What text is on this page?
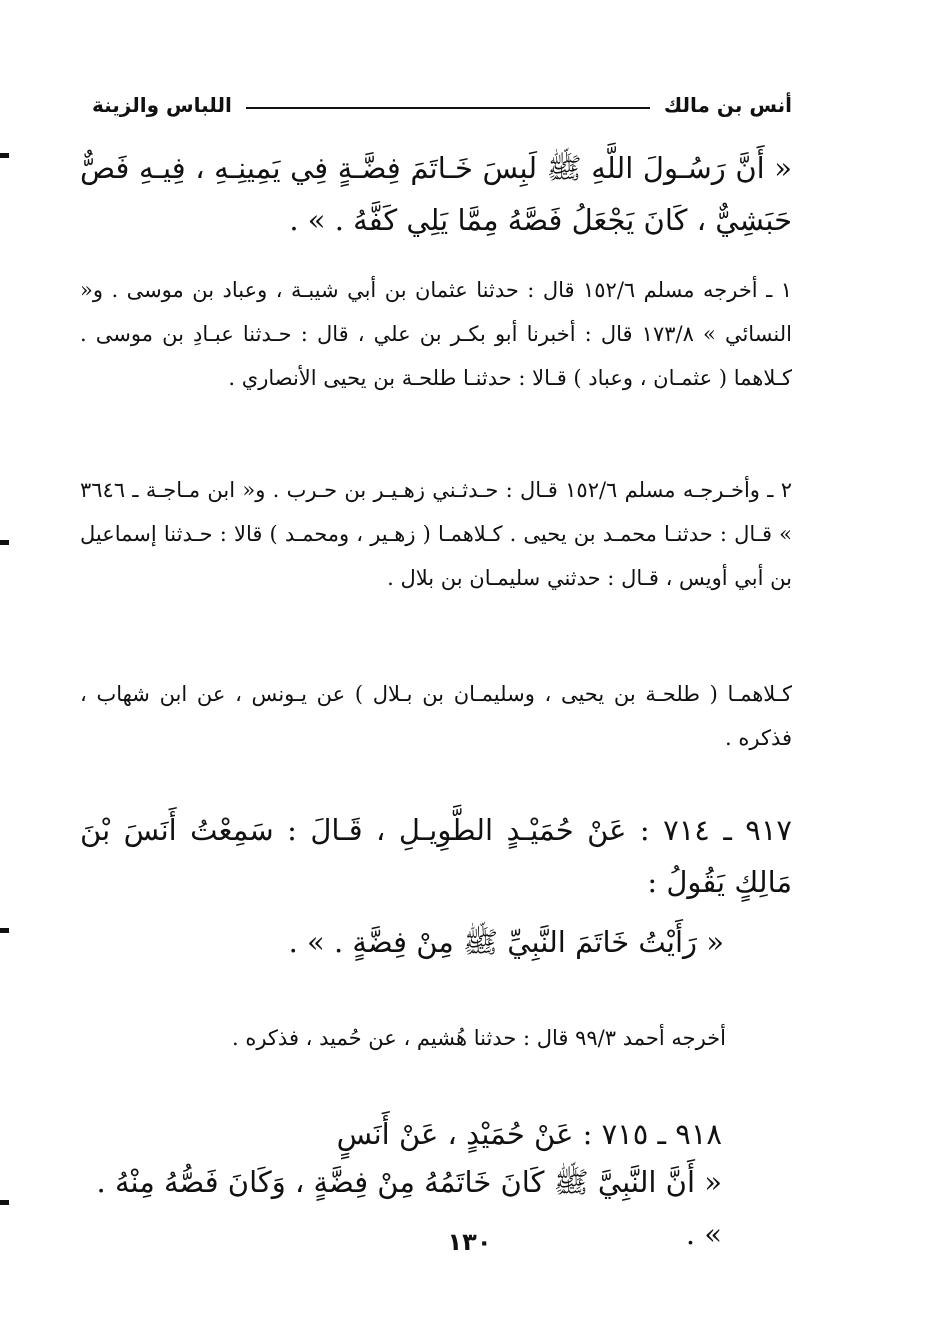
اللباس والزينة	أنس بن مالك
« أَنَّ رَسُـولَ اللَّهِ ﷺ لَبِسَ خَـاتَمَ فِضَّـةٍ فِي يَمِينِـهِ ، فِيـهِ فَصٌّ حَبَشِيٌّ ، كَانَ يَجْعَلُ فَصَّهُ مِمَّا يَلِي كَفَّهُ . » .
١ ـ أخرجه مسلم ١٥٢/٦ قال : حدثنا عثمان بن أبي شيبـة ، وعباد بن موسى . و« النسائي » ١٧٣/٨ قال : أخبرنا أبو بكـر بن علي ، قال : حـدثنا عبـادِ بن موسى . كـلاهما ( عثمـان ، وعباد ) قـالا : حدثنـا طلحـة بن يحيى الأنصاري .
٢ ـ وأخـرجـه مسلم ١٥٢/٦ قـال : حـدثـني زهـيـر بن حـرب . و« ابن مـاجـة ـ ٣٦٤٦ » قـال : حدثنـا محمـد بن يحيى . كـلاهمـا ( زهـير ، ومحمـد ) قالا : حـدثنا إسماعيل بن أبي أويس ، قـال : حدثني سليمـان بن بلال .
كـلاهمـا ( طلحـة بن يحيى ، وسليمـان بن بـلال ) عن يـونس ، عن ابن شهاب ، فذكره .
٩١٧ ـ ٧١٤ : عَنْ حُمَيْـدٍ الطَّوِيـلِ ، قَـالَ : سَمِعْتُ أَنَسَ بْنَ مَالِكٍ يَقُولُ :
« رَأَيْتُ خَاتَمَ النَّبِيِّ ﷺ مِنْ فِضَّةٍ . » .
أخرجه أحمد ٩٩/٣ قال : حدثنا هُشيم ، عن حُميد ، فذكره .
٩١٨ ـ ٧١٥ : عَنْ حُمَيْدٍ ، عَنْ أَنَسٍ
« أَنَّ النَّبِيَّ ﷺ كَانَ خَاتَمُهُ مِنْ فِضَّةٍ ، وَكَانَ فَصُّهُ مِنْهُ . » .
١٣٠
